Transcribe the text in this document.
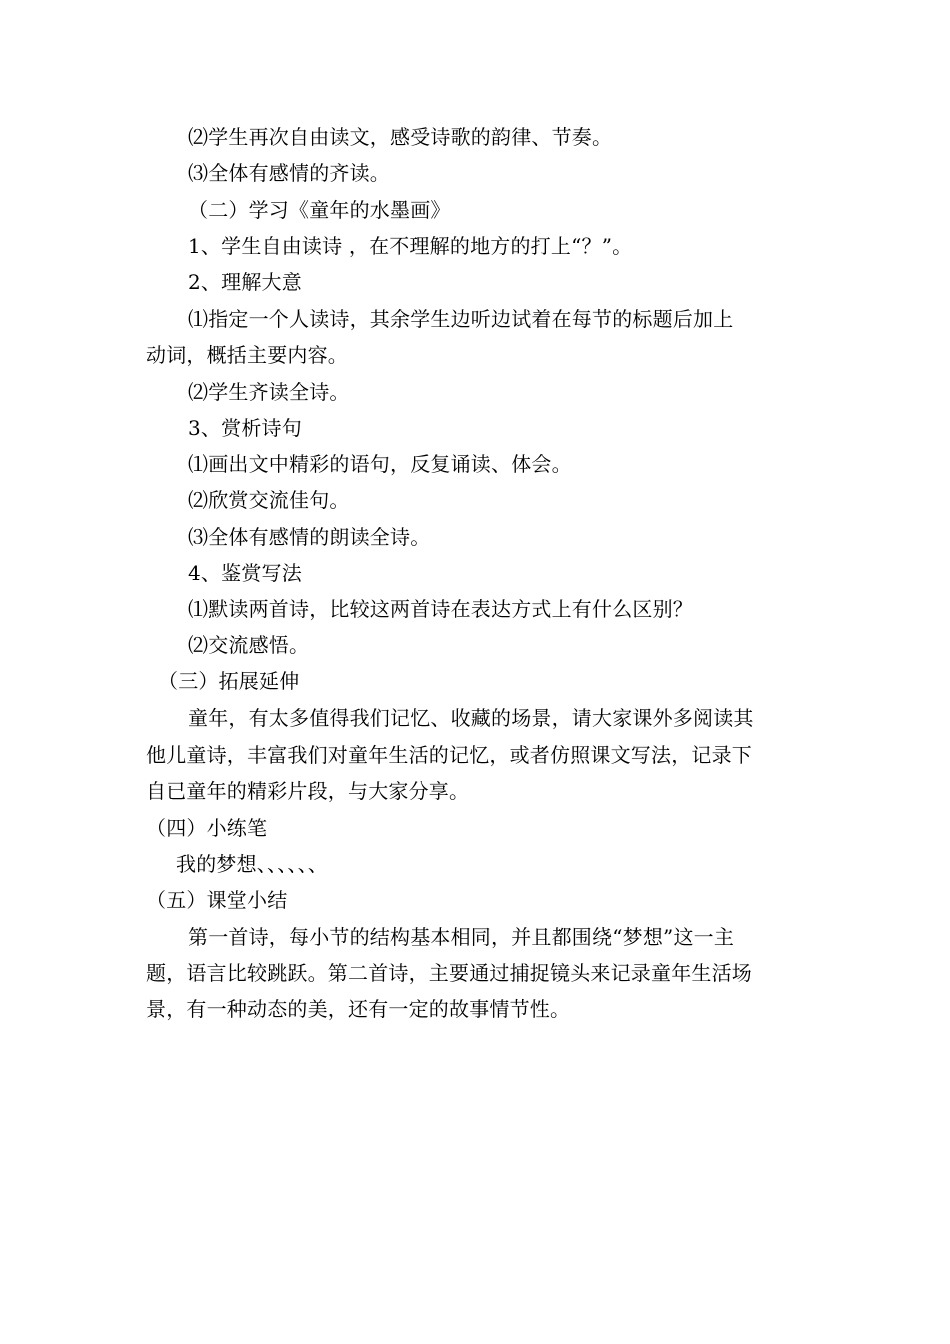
⑵学生再次自由读文，感受诗歌的韵律、节奏。
⑶全体有感情的齐读。
（二）学习《童年的水墨画》
1、学生自由读诗 ，在不理解的地方的打上“？”。
2、理解大意
⑴指定一个人读诗，其余学生边听边试着在每节的标题后加上
动词，概括主要内容。
⑵学生齐读全诗。
3、赏析诗句
⑴画出文中精彩的语句，反复诵读、体会。
⑵欣赏交流佳句。
⑶全体有感情的朗读全诗。
4、鉴赏写法
⑴默读两首诗，比较这两首诗在表达方式上有什么区别？
⑵交流感悟。
（三）拓展延伸
童年，有太多值得我们记忆、收藏的场景，请大家课外多阅读其
他儿童诗，丰富我们对童年生活的记忆，或者仿照课文写法，记录下
自已童年的精彩片段，与大家分享。
（四）小练笔
我的梦想、、、、、、
（五）课堂小结
第一首诗，每小节的结构基本相同，并且都围绕“梦想”这一主
题，语言比较跳跃。第二首诗，主要通过捕捉镜头来记录童年生活场
景，有一种动态的美，还有一定的故事情节性。
